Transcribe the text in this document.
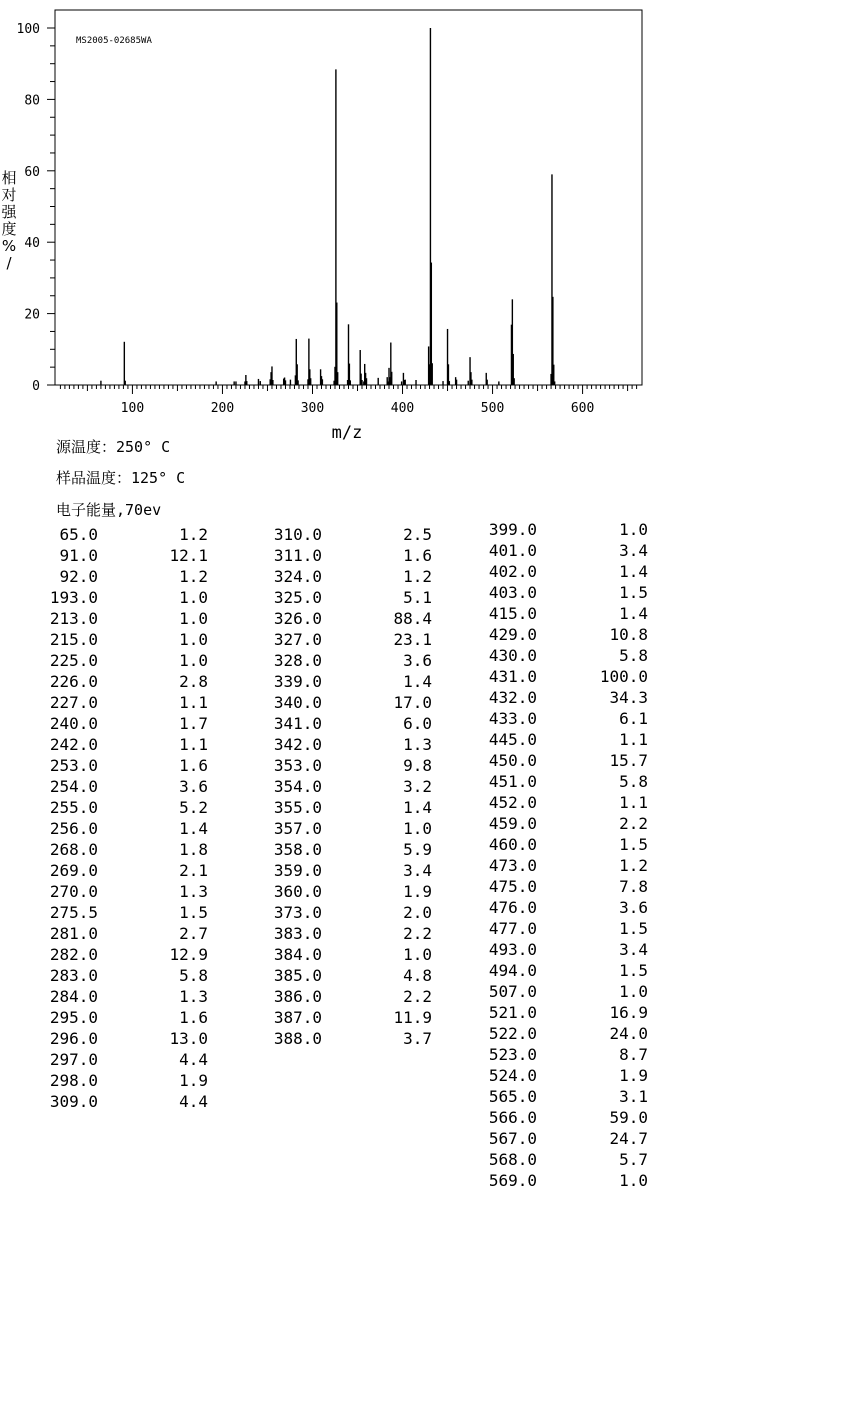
MS2005-02685WA
0
20
40
60
80
100
100	200	300	400	500	600
m/z
相对强度% /
源温度：250° C
样品温度：125° C
电子能量,70ev
65.0	1.2
91.0	12.1
92.0	1.2
193.0	1.0
213.0	1.0
215.0	1.0
225.0	1.0
226.0	2.8
227.0	1.1
240.0	1.7
242.0	1.1
253.0	1.6
254.0	3.6
255.0	5.2
256.0	1.4
268.0	1.8
269.0	2.1
270.0	1.3
275.5	1.5
281.0	2.7
282.0	12.9
283.0	5.8
284.0	1.3
295.0	1.6
296.0	13.0
297.0	4.4
298.0	1.9
309.0	4.4
310.0	2.5
311.0	1.6
324.0	1.2
325.0	5.1
326.0	88.4
327.0	23.1
328.0	3.6
339.0	1.4
340.0	17.0
341.0	6.0
342.0	1.3
353.0	9.8
354.0	3.2
355.0	1.4
357.0	1.0
358.0	5.9
359.0	3.4
360.0	1.9
373.0	2.0
383.0	2.2
384.0	1.0
385.0	4.8
386.0	2.2
387.0	11.9
388.0	3.7
399.0	1.0
401.0	3.4
402.0	1.4
403.0	1.5
415.0	1.4
429.0	10.8
430.0	5.8
431.0	100.0
432.0	34.3
433.0	6.1
445.0	1.1
450.0	15.7
451.0	5.8
452.0	1.1
459.0	2.2
460.0	1.5
473.0	1.2
475.0	7.8
476.0	3.6
477.0	1.5
493.0	3.4
494.0	1.5
507.0	1.0
521.0	16.9
522.0	24.0
523.0	8.7
524.0	1.9
565.0	3.1
566.0	59.0
567.0	24.7
568.0	5.7
569.0	1.0
